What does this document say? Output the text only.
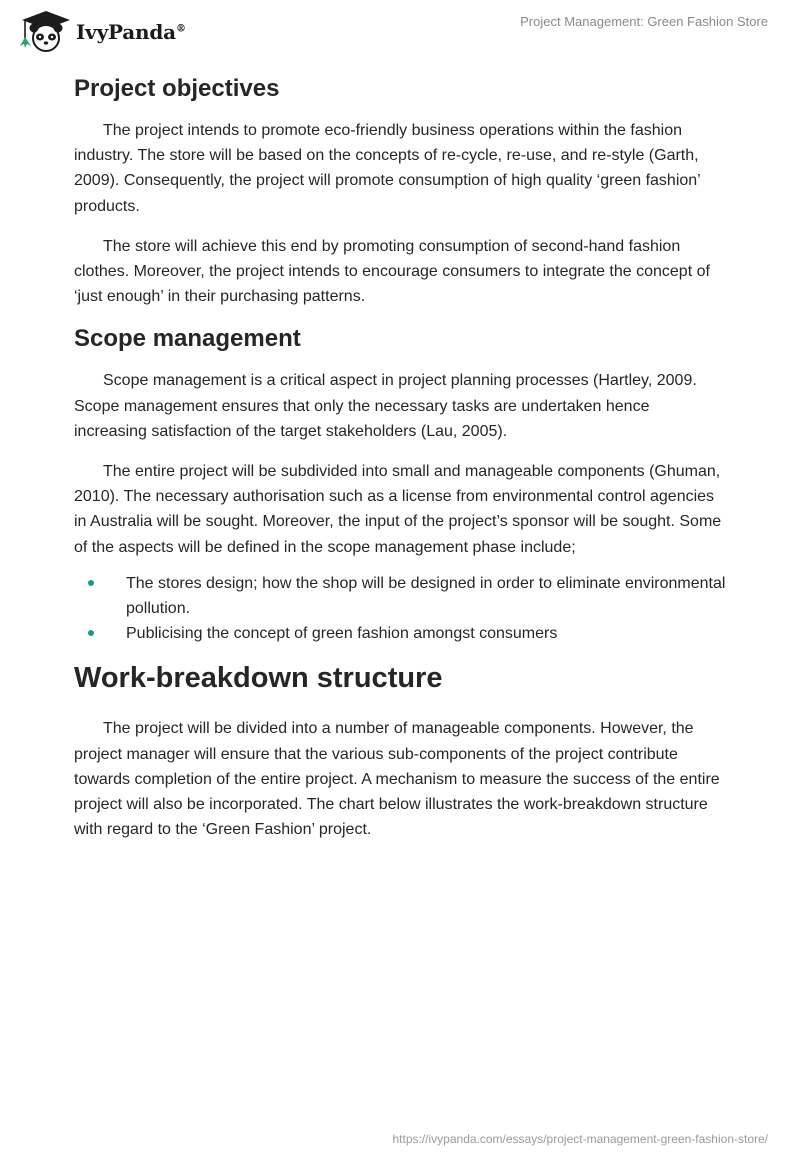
IvyPanda®	Project Management: Green Fashion Store
Project objectives

The project intends to promote eco-friendly business operations within the fashion industry. The store will be based on the concepts of re-cycle, re-use, and re-style (Garth, 2009). Consequently, the project will promote consumption of high quality ‘green fashion’ products.

The store will achieve this end by promoting consumption of second-hand fashion clothes. Moreover, the project intends to encourage consumers to integrate the concept of ‘just enough’ in their purchasing patterns.

Scope management

Scope management is a critical aspect in project planning processes (Hartley, 2009. Scope management ensures that only the necessary tasks are undertaken hence increasing satisfaction of the target stakeholders (Lau, 2005).

The entire project will be subdivided into small and manageable components (Ghuman, 2010). The necessary authorisation such as a license from environmental control agencies in Australia will be sought. Moreover, the input of the project’s sponsor will be sought. Some of the aspects will be defined in the scope management phase include;

The stores design; how the shop will be designed in order to eliminate environmental pollution.
Publicising the concept of green fashion amongst consumers
Work-breakdown structure

The project will be divided into a number of manageable components. However, the project manager will ensure that the various sub-components of the project contribute towards completion of the entire project. A mechanism to measure the success of the entire project will also be incorporated. The chart below illustrates the work-breakdown structure with regard to the ‘Green Fashion’ project.

https://ivypanda.com/essays/project-management-green-fashion-store/
